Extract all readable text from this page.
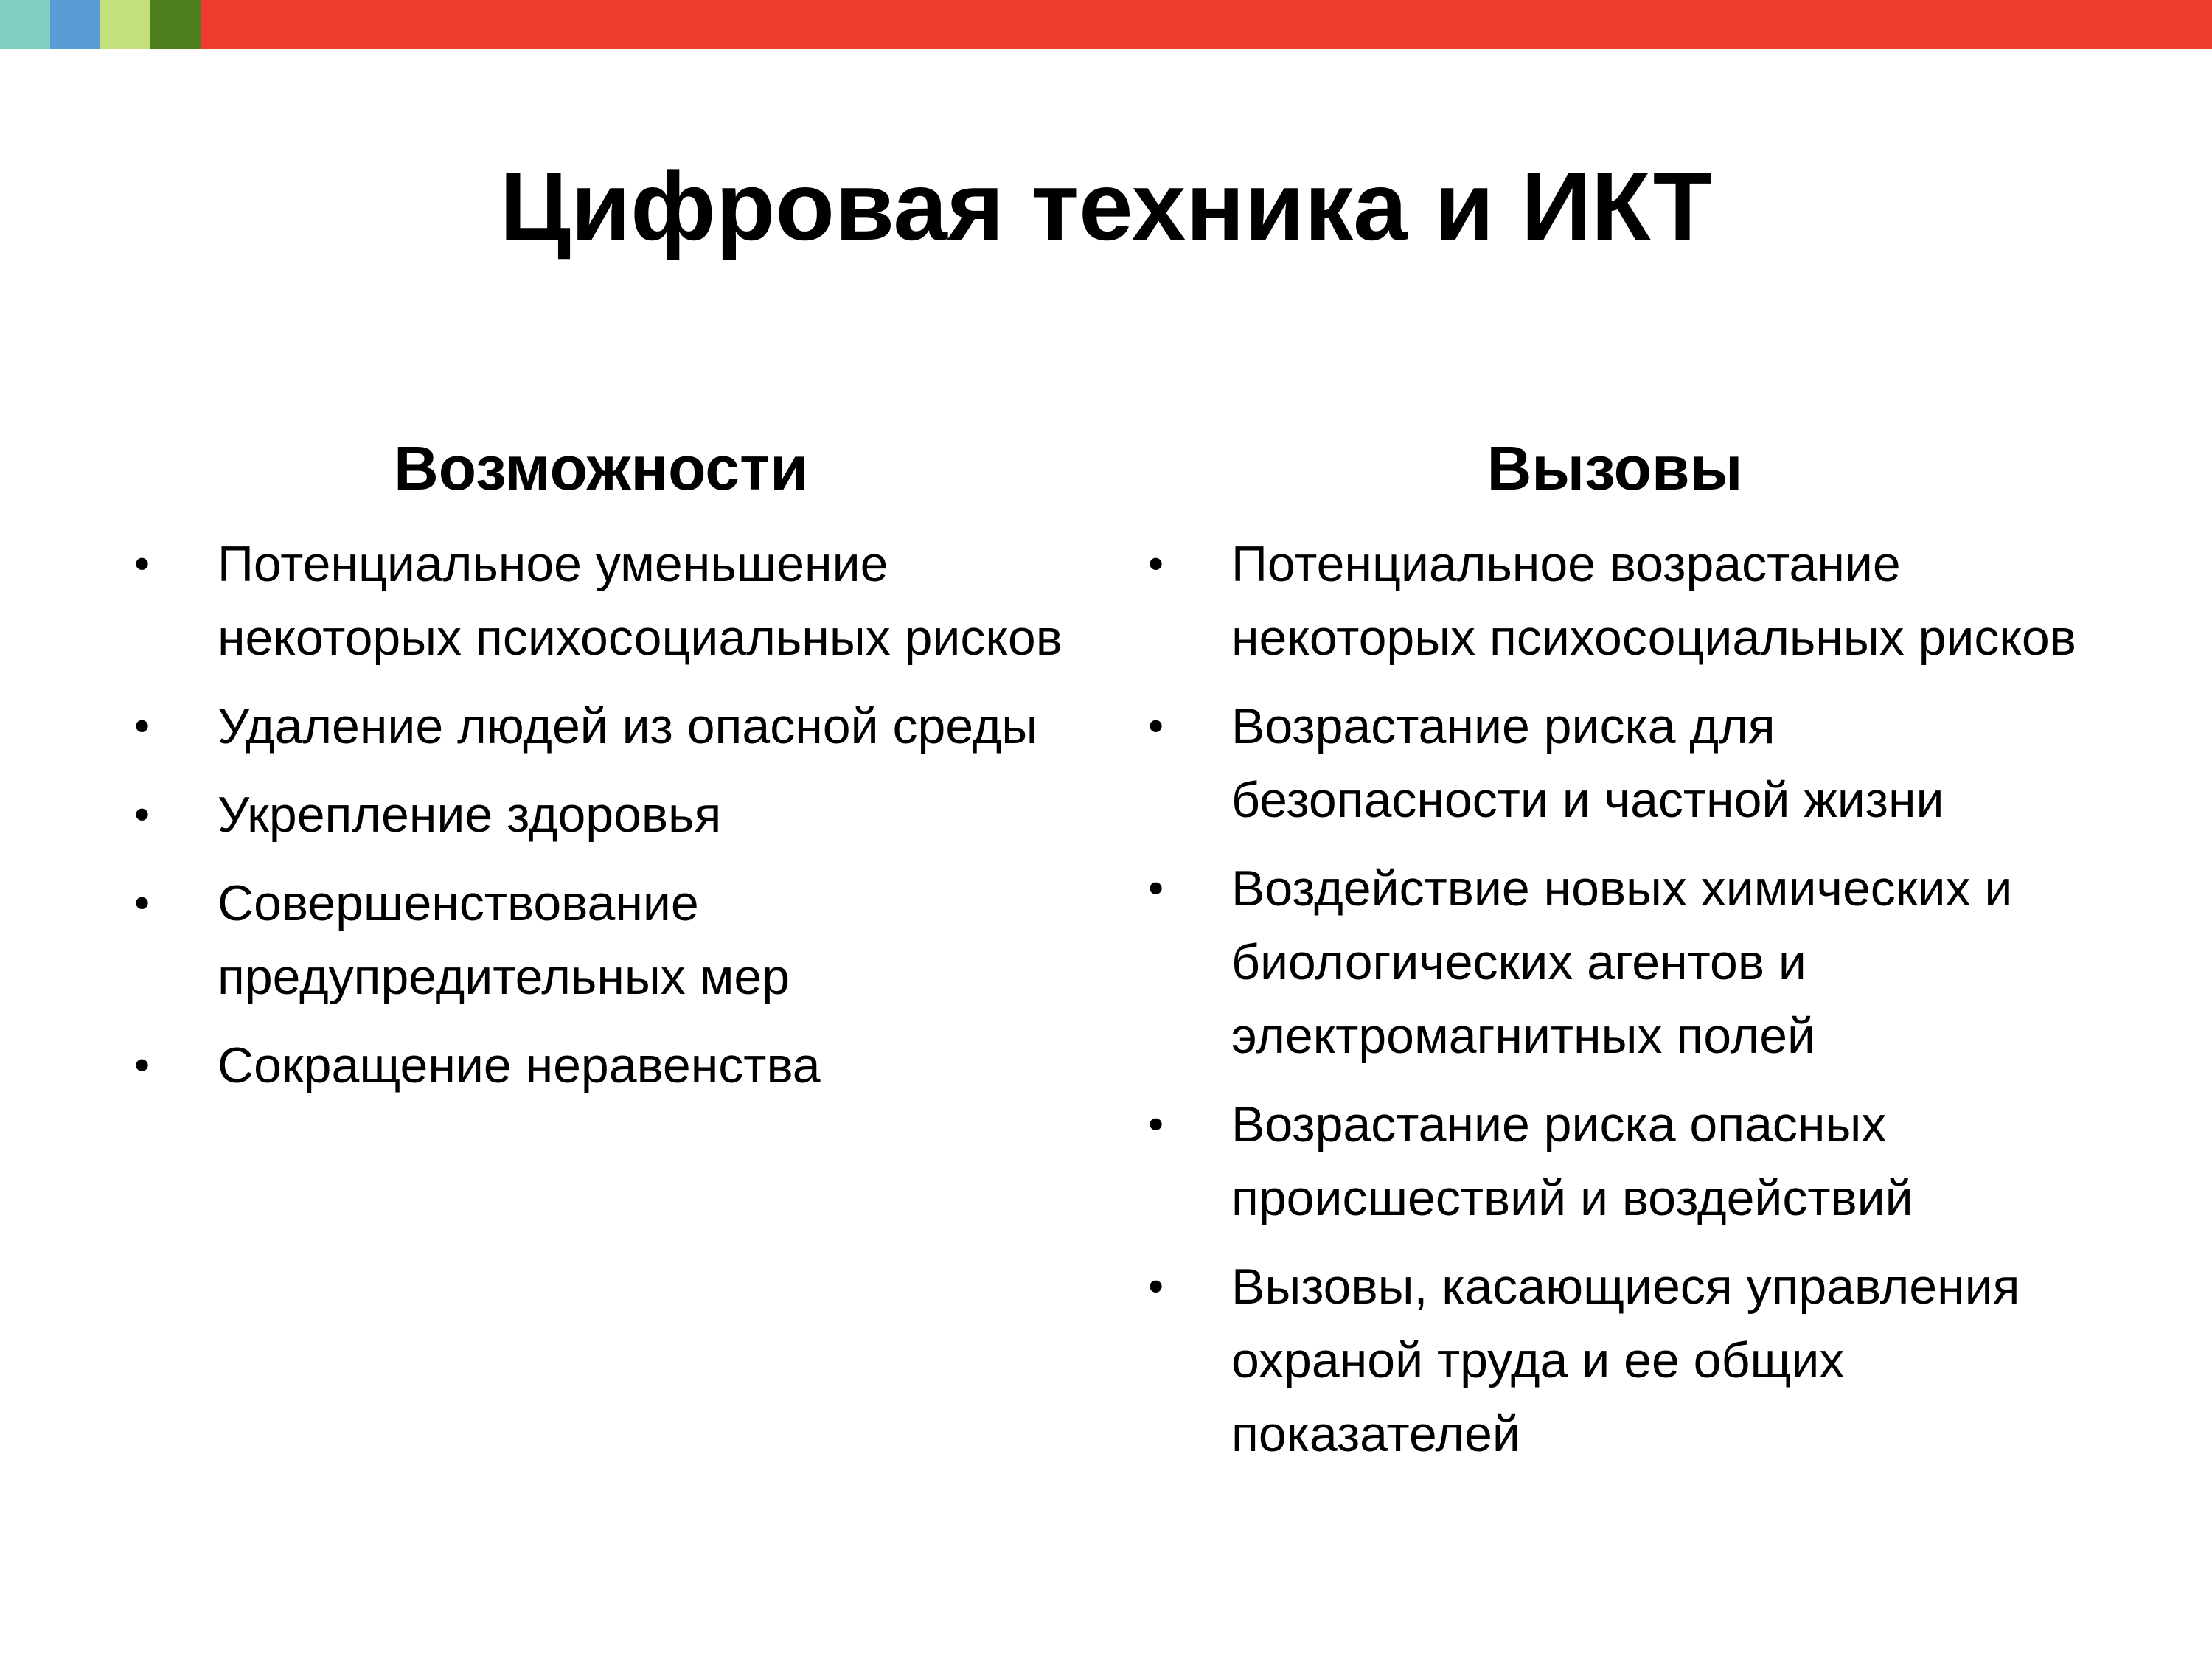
Цифровая техника и ИКТ
Возможности
•	Потенциальное уменьшение некоторых психосоциальных рисков
•	Удаление людей из опасной среды
•	Укрепление здоровья
•	Совершенствование предупредительных мер
•	Сокращение неравенства
Вызовы
•	Потенциальное возрастание некоторых психосоциальных рисков
•	Возрастание риска для безопасности и частной жизни
•	Воздействие новых химических и биологических агентов и электромагнитных полей
•	Возрастание риска опасных происшествий и воздействий
•	Вызовы, касающиеся управления охраной труда и ее общих показателей
